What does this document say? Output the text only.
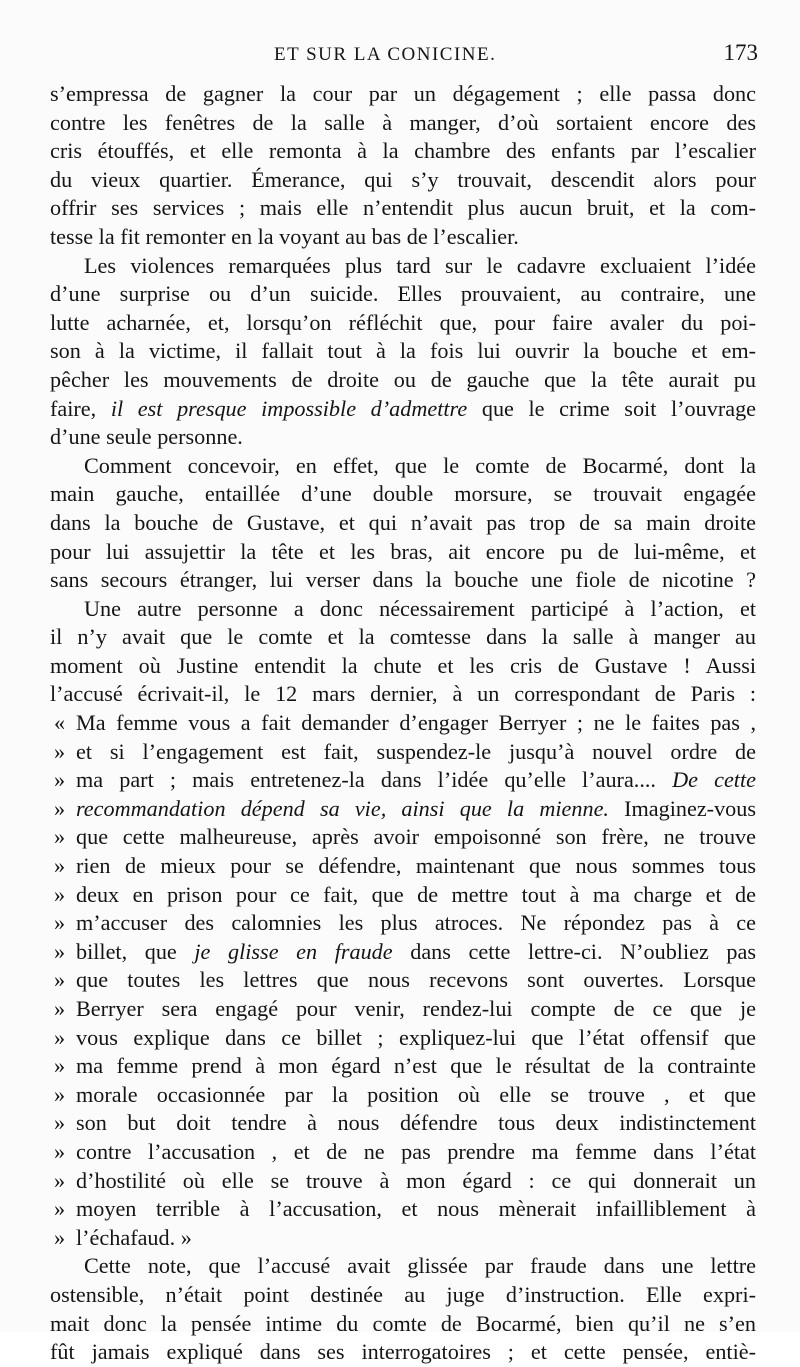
ET SUR LA CONICINE.	173
s’empressa de gagner la cour par un dégagement ; elle passa donc
contre les fenêtres de la salle à manger, d’où sortaient encore des
cris étouffés, et elle remonta à la chambre des enfants par l’escalier
du vieux quartier. Émerance, qui s’y trouvait, descendit alors pour
offrir ses services ; mais elle n’entendit plus aucun bruit, et la com-
tesse la fit remonter en la voyant au bas de l’escalier.
Les violences remarquées plus tard sur le cadavre excluaient l’idée
d’une surprise ou d’un suicide. Elles prouvaient, au contraire, une
lutte acharnée, et, lorsqu’on réfléchit que, pour faire avaler du poi-
son à la victime, il fallait tout à la fois lui ouvrir la bouche et em-
pêcher les mouvements de droite ou de gauche que la tête aurait pu
faire, il est presque impossible d’admettre que le crime soit l’ouvrage
d’une seule personne.
Comment concevoir, en effet, que le comte de Bocarmé, dont la
main gauche, entaillée d’une double morsure, se trouvait engagée
dans la bouche de Gustave, et qui n’avait pas trop de sa main droite
pour lui assujettir la tête et les bras, ait encore pu de lui-même, et
sans secours étranger, lui verser dans la bouche une fiole de nicotine ?
Une autre personne a donc nécessairement participé à l’action, et
il n’y avait que le comte et la comtesse dans la salle à manger au
moment où Justine entendit la chute et les cris de Gustave ! Aussi
l’accusé écrivait-il, le 12 mars dernier, à un correspondant de Paris :
« Ma femme vous a fait demander d’engager Berryer ; ne le faites pas ,
» et si l’engagement est fait, suspendez-le jusqu’à nouvel ordre de
» ma part ; mais entretenez-la dans l’idée qu’elle l’aura.... De cette
» recommandation dépend sa vie, ainsi que la mienne. Imaginez-vous
» que cette malheureuse, après avoir empoisonné son frère, ne trouve
» rien de mieux pour se défendre, maintenant que nous sommes tous
» deux en prison pour ce fait, que de mettre tout à ma charge et de
» m’accuser des calomnies les plus atroces. Ne répondez pas à ce
» billet, que je glisse en fraude dans cette lettre-ci. N’oubliez pas
» que toutes les lettres que nous recevons sont ouvertes. Lorsque
» Berryer sera engagé pour venir, rendez-lui compte de ce que je
» vous explique dans ce billet ; expliquez-lui que l’état offensif que
» ma femme prend à mon égard n’est que le résultat de la contrainte
» morale occasionnée par la position où elle se trouve , et que
» son but doit tendre à nous défendre tous deux indistinctement
» contre l’accusation , et de ne pas prendre ma femme dans l’état
» d’hostilité où elle se trouve à mon égard : ce qui donnerait un
» moyen terrible à l’accusation, et nous mènerait infailliblement à
» l’échafaud. »
Cette note, que l’accusé avait glissée par fraude dans une lettre
ostensible, n’était point destinée au juge d’instruction. Elle expri-
mait donc la pensée intime du comte de Bocarmé, bien qu’il ne s’en
fût jamais expliqué dans ses interrogatoires ; et cette pensée, entiè-
